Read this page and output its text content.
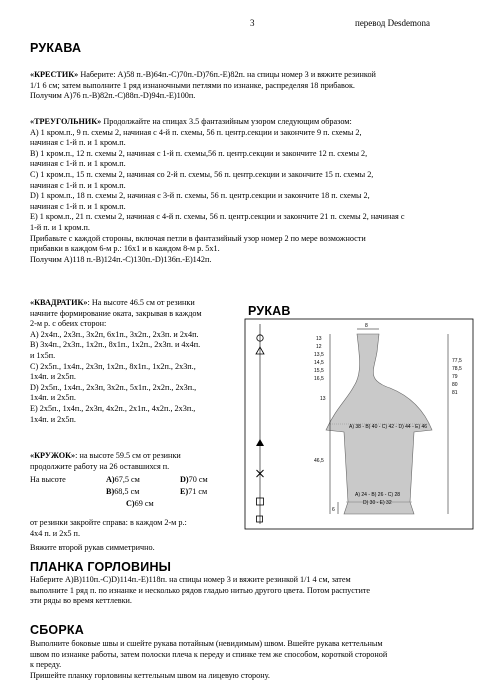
3	перевод Desdemona
РУКАВА
«КРЕСТИК» Наберите: А)58 п.-В)64п.-С)70п.-D)76п.-Е)82п. на спицы номер 3 и вяжите резинкой
1/1 6 см; затем выполните 1 ряд изнаночными петлями по изнанке, распределяя 18 прибавок.
Получим А)76 п.-В)82п.-С)88п.-D)94п.-Е)100п.
«ТРЕУГОЛЬНИК» Продолжайте на спицах 3.5 фантазийным узором следующим образом:
А) 1 кром.п., 9 п. схемы 2, начиная с 4-й п. схемы, 56 п. центр.секции и закончите 9 п. схемы 2,
начиная с 1-й п. и 1 кром.п.
В) 1 кром.п., 12 п. схемы 2, начиная с 1-й п. схемы,56 п. центр.секции и закончите 12 п. схемы 2,
начиная с 1-й п. и 1 кром.п.
С) 1 кром.п., 15 п. схемы 2, начиная со 2-й п. схемы, 56 п. центр.секции и закончите 15 п. схемы 2,
начиная с 1-й п. и 1 кром.п.
D) 1 кром.п., 18 п. схемы 2, начиная с 3-й п. схемы, 56 п. центр.секции и закончите 18 п. схемы 2,
начиная с 1-й п. и 1 кром.п.
Е) 1 кром.п., 21 п. схемы 2, начиная с 4-й п. схемы, 56 п. центр.секции и закончите 21 п. схемы 2, начиная с
1-й п. и 1 кром.п.
Прибавьте с каждой стороны, включая петли в фантазийный узор номер 2 по мере возможности
прибавки в каждом 6-м р.: 16х1 и в каждом 8-м р. 5х1.
Получим А)118 п.-В)124п.-С)130п.-D)136п.-Е)142п.
«КВАДРАТИК»: На высоте 46.5 см от резинки
начните формирование оката, закрывая в каждом
2-м р. с обеих сторон:
А) 2х4п., 2х3п., 3х2п, 6х1п., 3х2п., 2х3п. и 2х4п.
В) 3х4п., 2х3п., 1х2п., 8х1п., 1х2п., 2х3п. и 4х4п.
и 1х5п.
С) 2х5п., 1х4п., 2х3п, 1х2п., 8х1п., 1х2п., 2х3п.,
1х4п. и 2х5п.
D) 2х5п., 1х4п., 2х3п, 3х2п., 5х1п., 2х2п., 2х3п.,
1х4п. и 2х5п.
Е) 2х5п., 1х4п., 2х3п, 4х2п., 2х1п., 4х2п., 2х3п.,
1х4п. и 2х5п.
«КРУЖОК»: на высоте 59.5 см от резинки
продолжите работу на 26 оставшихся п.
На высоте	А)67,5 см	D)70 см
В)68,5 см	Е)71 см
С)69 см
от резинки закройте справа: в каждом 2-м р.:
4х4 п. и 2х5 п.
Вяжите второй рукав симметрично.
РУКАВ
8
А) 38 - В) 40 - С) 42 - D) 44 - Е) 46
А) 24 - В) 26 - С) 28
D) 30 - Е) 32
13
12
13,5
14,5
15,5
16,5
13
46,5
77,5
78,5
79
80
81
6
ПЛАНКА ГОРЛОВИНЫ
Наберите А)В)110п.-С)D)114п.-Е)118п. на спицы номер 3 и вяжите резинкой 1/1 4 см, затем
выполните 1 ряд п. по изнанке и несколько рядов гладью нитью другого цвета. Потом распустите
эти ряды во время кеттлевки.
СБОРКА
Выполните боковые швы и сшейте рукава потайным (невидимым) швом. Вшейте рукава кеттельным
швом по изнанке работы, затем полоски плеча к переду и спинке тем же способом, короткой стороной
к переду.
Пришейте планку горловины кеттельным швом на лицевую сторону.
